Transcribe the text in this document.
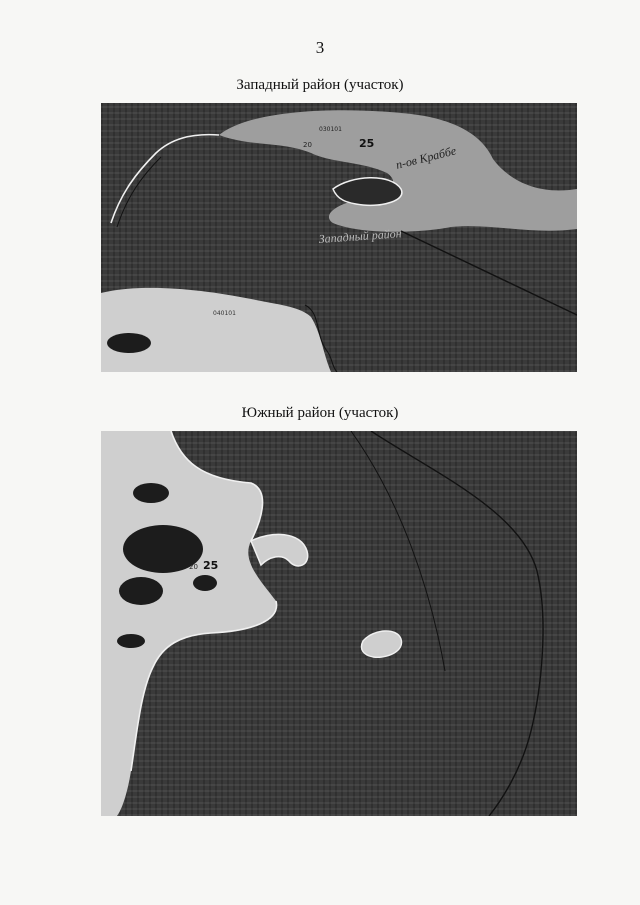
3
Западный район (участок)
030101
20	25 п-ов Краббе
Западный район
040101
Южный район (участок)
20 25
